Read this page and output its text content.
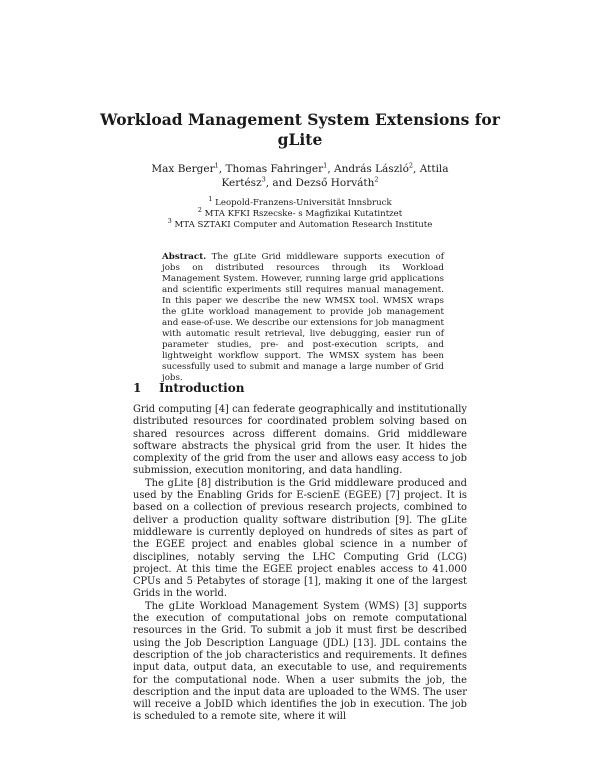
Workload Management System Extensions for
gLite

Max Berger$^1$, Thomas Fahringer$^1$, András László$^2$, Attila Kertész$^3$, and Dezső Horváth$^2$

$^1$ Leopold-Franzens-Universität Innsbruck
$^2$ MTA KFKI Rszecske- s Magfizikai Kutatintzet
$^3$ MTA SZTAKI Computer and Automation Research Institute

Abstract. The gLite Grid middleware supports execution of jobs on distributed resources through its Workload Management System. However, running large grid applications and scientific experiments still requires manual management. In this paper we describe the new WMSX tool. WMSX wraps the gLite workload management to provide job management and ease-of-use. We describe our extensions for job managment with automatic result retrieval, live debugging, easier run of parameter studies, pre- and post-execution scripts, and lightweight workflow support. The WMSX system has been sucessfully used to submit and manage a large number of Grid jobs.

1 Introduction

Grid computing [4] can federate geographically and institutionally distributed resources for coordinated problem solving based on shared resources across different domains. Grid middleware software abstracts the physical grid from the user. It hides the complexity of the grid from the user and allows easy access to job submission, execution monitoring, and data handling.

The gLite [8] distribution is the Grid middleware produced and used by the Enabling Grids for E-scienE (EGEE) [7] project. It is based on a collection of previous research projects, combined to deliver a production quality software distribution [9]. The gLite middleware is currently deployed on hundreds of sites as part of the EGEE project and enables global science in a number of disciplines, notably serving the LHC Computing Grid (LCG) project. At this time the EGEE project enables access to 41.000 CPUs and 5 Petabytes of storage [1], making it one of the largest Grids in the world.

The gLite Workload Management System (WMS) [3] supports the execution of computational jobs on remote computational resources in the Grid. To submit a job it must first be described using the Job Description Language (JDL) [13]. JDL contains the description of the job characteristics and requirements. It defines input data, output data, an executable to use, and requirements for the computational node. When a user submits the job, the description and the input data are uploaded to the WMS. The user will receive a JobID which identifies the job in execution. The job is scheduled to a remote site, where it will
